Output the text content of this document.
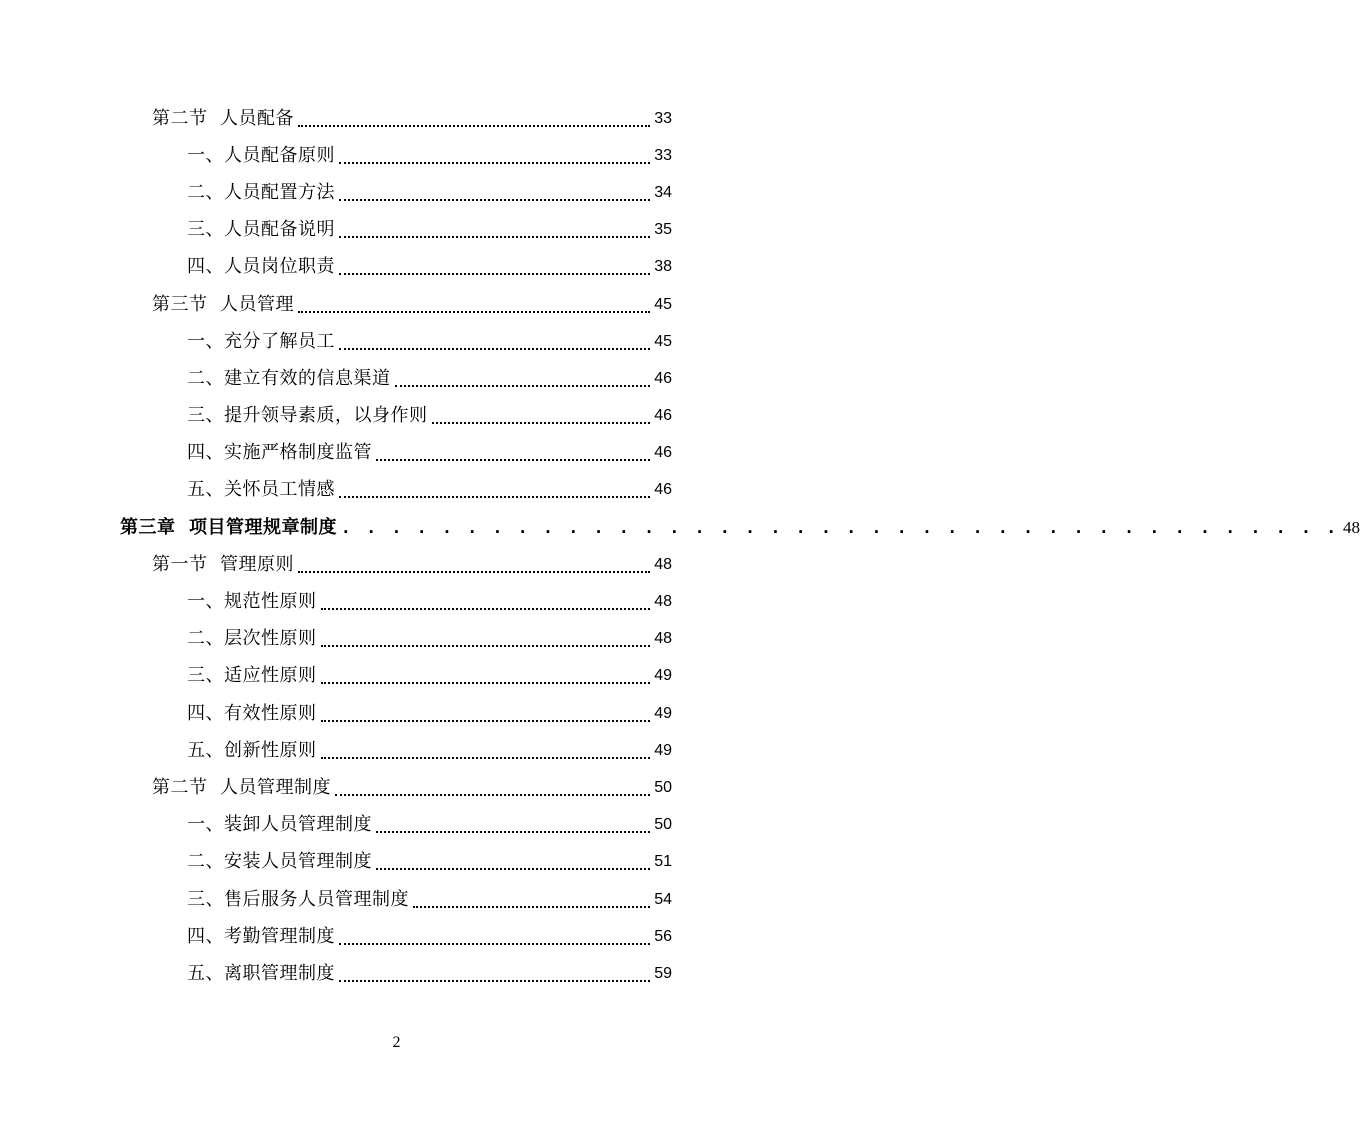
第二节  人员配备	33
一、人员配备原则	33
二、人员配置方法	34
三、人员配备说明	35
四、人员岗位职责	38
第三节  人员管理	45
一、充分了解员工	45
二、建立有效的信息渠道	46
三、提升领导素质，以身作则	46
四、实施严格制度监管	46
五、关怀员工情感	46
第三章  项目管理规章制度 . . . . . . . . . . . . . . . . . . . . . . . . . . . . . . . . . . . . . . . . 48
第一节  管理原则	48
一、规范性原则	48
二、层次性原则	48
三、适应性原则	49
四、有效性原则	49
五、创新性原则	49
第二节  人员管理制度	50
一、装卸人员管理制度	50
二、安装人员管理制度	51
三、售后服务人员管理制度	54
四、考勤管理制度	56
五、离职管理制度	59
2
